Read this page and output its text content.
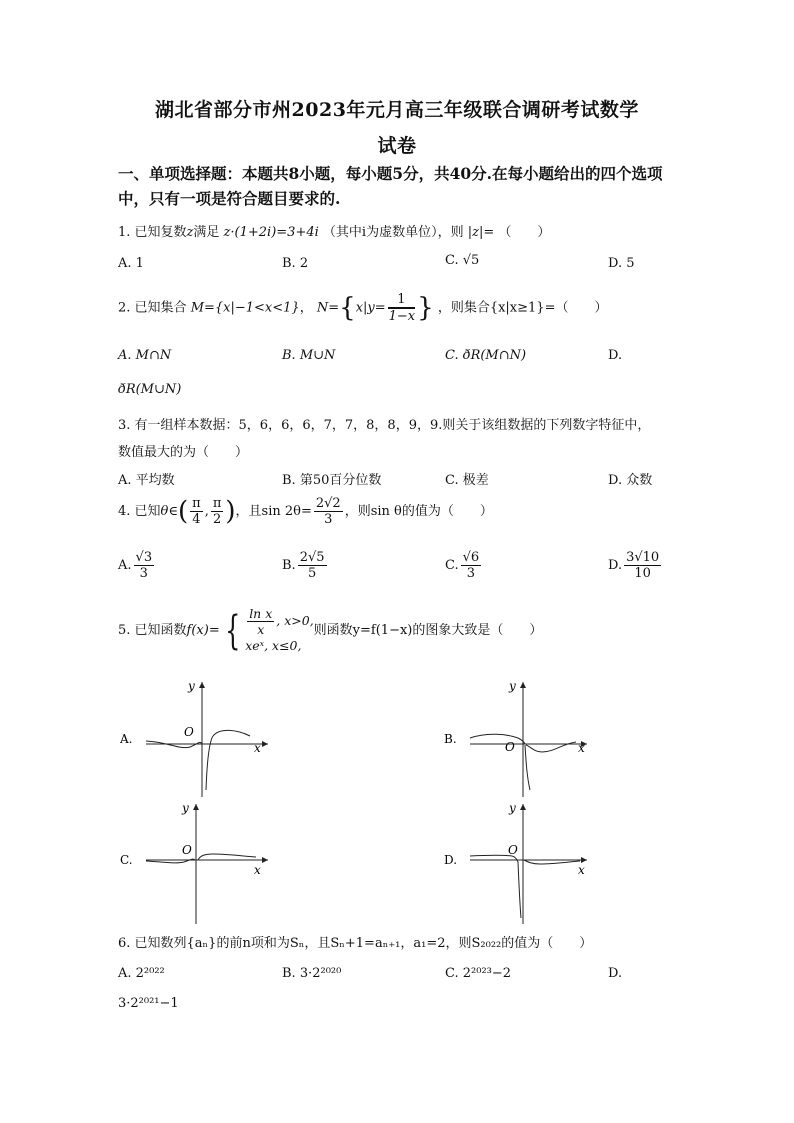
湖北省部分市州2023年元月高三年级联合调研考试数学
试卷
一、单项选择题：本题共8小题，每小题5分，共40分.在每小题给出的四个选项中，只有一项是符合题目要求的.
1. 已知复数z满足 z·(1+2i)=3+4i （其中i为虚数单位），则 |z|= （　　）
A. 1	B. 2	C. √5	D. 5
2. 已知集合 M={x|−1<x<1}， $N=\{x|y= \frac{1}{1-x}$ } ，则集合{x|x≥1}=（　　）
A. M∩N	B. M∪N	C. ðR(M∩N)	D.
ðR(M∪N)
3. 有一组样本数据：5，6，6，6，7，7，8，8，9，9.则关于该组数据的下列数字特征中，
数值最大的为（　　）
A. 平均数	B. 第50百分位数	C. 极差	D. 众数
4. 已知θ∈( $\frac{\pi}{4}$ , $\frac{\pi}{2}$ )，且$\sin 2\theta= \frac{2√2}{3}$ ，则sin θ的值为（　　）
A. $\frac{√3}{3}$	B. $\frac{2√5}{5}$	C. $\frac{√6}{3}$	D. $\frac{3√10}{10}$
5. 已知函数f(x)= { $\frac{\text{ln x}}{x}$ , x>0,
xeˣ, x≤0,
则函数y=f(1−x)的图象大致是（　　）
A.
y
x
O	B.
y
x
O
C.
y
x
O
D.
y
x
O
6. 已知数列{aₙ}的前n项和为Sₙ，且Sₙ+1=aₙ₊₁，a₁=2，则S₂₀₂₂的值为（　　）
A. 2²⁰²²	B. 3·2²⁰²⁰	C. 2²⁰²³−2	D.
3·2²⁰²¹−1
